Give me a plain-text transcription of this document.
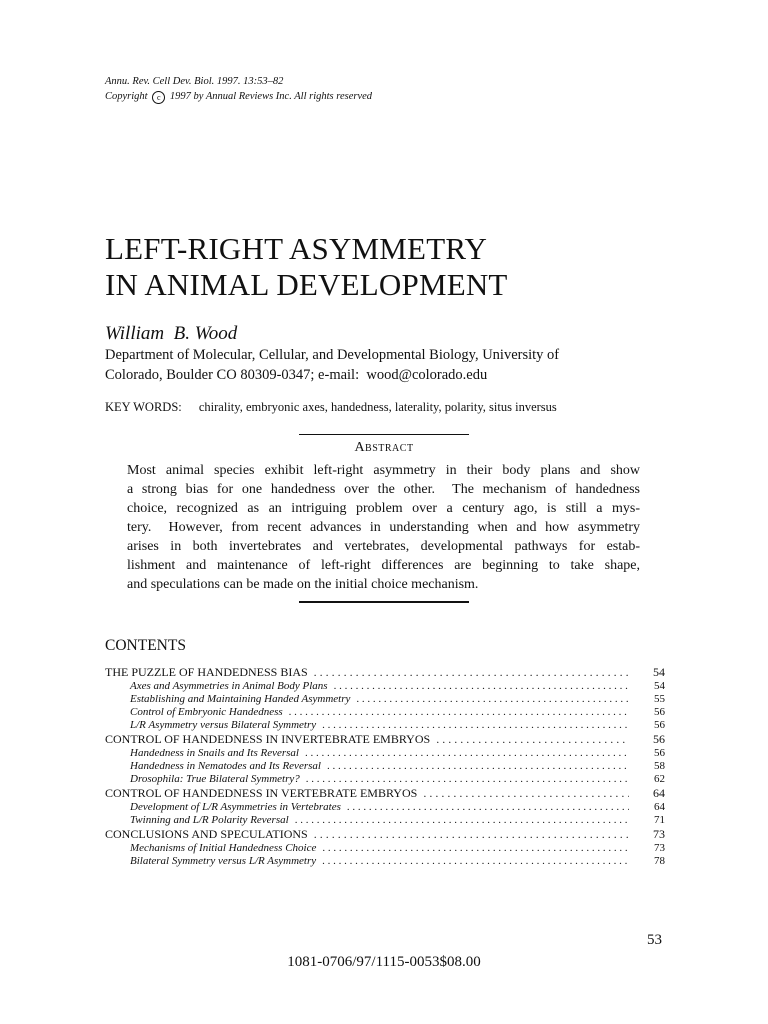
Annu. Rev. Cell Dev. Biol. 1997. 13:53–82
Copyright c 1997 by Annual Reviews Inc. All rights reserved
LEFT-RIGHT ASYMMETRY
IN ANIMAL DEVELOPMENT
William  B. Wood
Department of Molecular, Cellular, and Developmental Biology, University of
Colorado, Boulder CO 80309-0347; e-mail:  wood@colorado.edu
KEY WORDS: chirality, embryonic axes, handedness, laterality, polarity, situs inversus
Abstract
Most animal species exhibit left-right asymmetry in their body plans and show
a strong bias for one handedness over the other.  The mechanism of handedness
choice, recognized as an intriguing problem over a century ago, is still a mys-
tery.  However, from recent advances in understanding when and how asymmetry
arises in both invertebrates and vertebrates, developmental pathways for estab-
lishment and maintenance of left-right differences are beginning to take shape,
and speculations can be made on the initial choice mechanism.
CONTENTS
THE PUZZLE OF HANDEDNESS BIAS . . .	54
Axes and Asymmetries in Animal Body Plans . . .	54
Establishing and Maintaining Handed Asymmetry . . .	55
Control of Embryonic Handedness . . .	56
L/R Asymmetry versus Bilateral Symmetry . . .	56
CONTROL OF HANDEDNESS IN INVERTEBRATE EMBRYOS . . .	56
Handedness in Snails and Its Reversal . . .	56
Handedness in Nematodes and Its Reversal . . .	58
Drosophila: True Bilateral Symmetry? . . .	62
CONTROL OF HANDEDNESS IN VERTEBRATE EMBRYOS . . .	64
Development of L/R Asymmetries in Vertebrates . . .	64
Twinning and L/R Polarity Reversal . . .	71
CONCLUSIONS AND SPECULATIONS . . .	73
Mechanisms of Initial Handedness Choice . . .	73
Bilateral Symmetry versus L/R Asymmetry . . .	78
53
1081-0706/97/1115-0053$08.00
